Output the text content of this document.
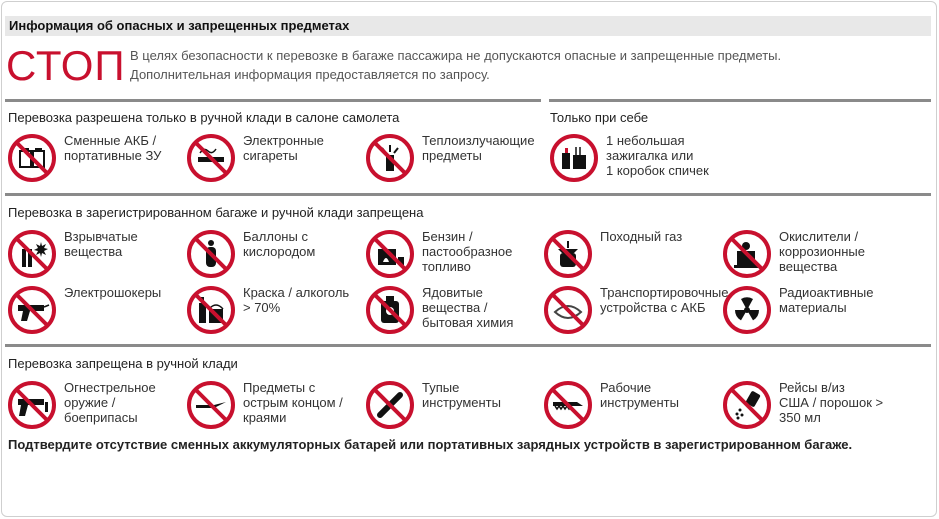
Информация об опасных и запрещенных предметах
СТОП В целях безопасности к перевозке в багаже пассажира не допускаются опасные и запрещенные предметы.
Дополнительная информация предоставляется по запросу.
Перевозка разрешена только в ручной клади в салоне самолета	Только при себе
Перевозка в зарегистрированном багаже и ручной клади запрещена
Перевозка запрещена в ручной клади
Сменные АКБ /
портативные ЗУ
Электронные
сигареты
Теплоизлучающие
предметы
1 небольшая
зажигалка или
1 коробок спичек
Взрывчатые
вещества
Баллоны с
кислородом
Бензин /
пастообразное
топливо
Походный газ	Окислители /
коррозионные
вещества
Электрошокеры	Краска / алкоголь
> 70%
Ядовитые
вещества /
бытовая химия
Транспортировочные
устройства с АКБ
Радиоактивные
материалы
Огнестрельное
оружие /
боеприпасы
Предметы с
острым концом /
краями
Тупые
инструменты
Рабочие
инструменты
Рейсы в/из
США / порошок >
350 мл
Подтвердите отсутствие сменных аккумуляторных батарей или портативных зарядных устройств в зарегистрированном багаже.
